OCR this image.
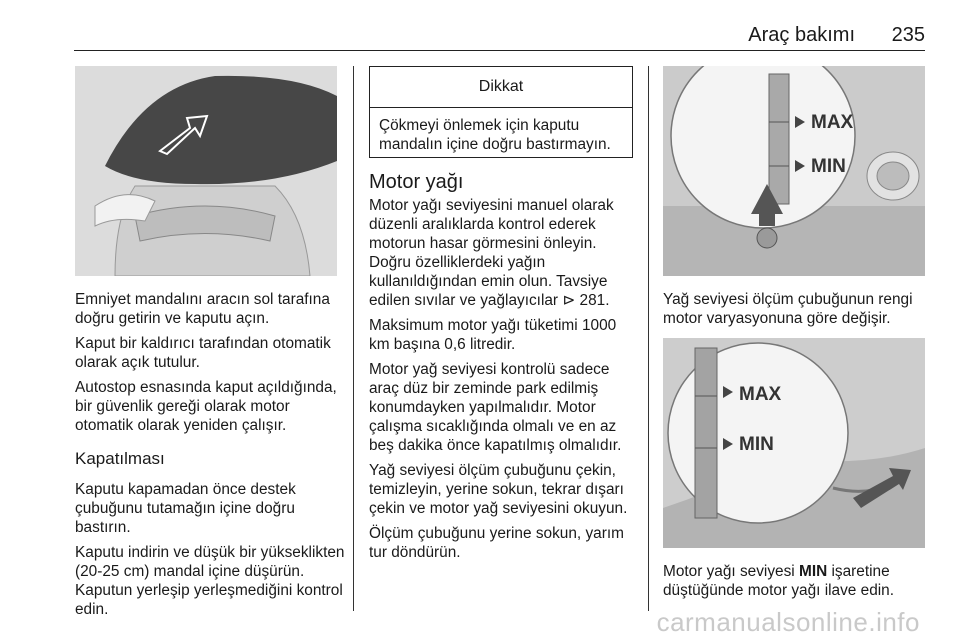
Araç bakımı 235

Emniyet mandalını aracın sol tarafına doğru getirin ve kaputu açın.

Kaput bir kaldırıcı tarafından otomatik olarak açık tutulur.

Autostop esnasında kaput açıldığında, bir güvenlik gereği olarak motor otomatik olarak yeniden çalışır.

Kapatılması

Kaputu kapamadan önce destek çubuğunu tutamağın içine doğru bastırın.

Kaputu indirin ve düşük bir yükseklikten (20-25 cm) mandal içine düşürün. Kaputun yerleşip yerleşmediğini kontrol edin.

Dikkat
Çökmeyi önlemek için kaputu mandalın içine doğru bastırmayın.
Motor yağı

Motor yağı seviyesini manuel olarak düzenli aralıklarda kontrol ederek motorun hasar görmesini önleyin. Doğru özelliklerdeki yağın kullanıldığından emin olun. Tavsiye edilen sıvılar ve yağlayıcılar ⊳ 281.

Maksimum motor yağı tüketimi 1000 km başına 0,6 litredir.

Motor yağ seviyesi kontrolü sadece araç düz bir zeminde park edilmiş konumdayken yapılmalıdır. Motor çalışma sıcaklığında olmalı ve en az beş dakika önce kapatılmış olmalıdır.

Yağ seviyesi ölçüm çubuğunu çekin, temizleyin, yerine sokun, tekrar dışarı çekin ve motor yağ seviyesini okuyun.

Ölçüm çubuğunu yerine sokun, yarım tur döndürün.

MAX
MIN

Yağ seviyesi ölçüm çubuğunun rengi motor varyasyonuna göre değişir.

MAX
MIN

Motor yağı seviyesi MIN işaretine düştüğünde motor yağı ilave edin.

carmanualsonline.info
